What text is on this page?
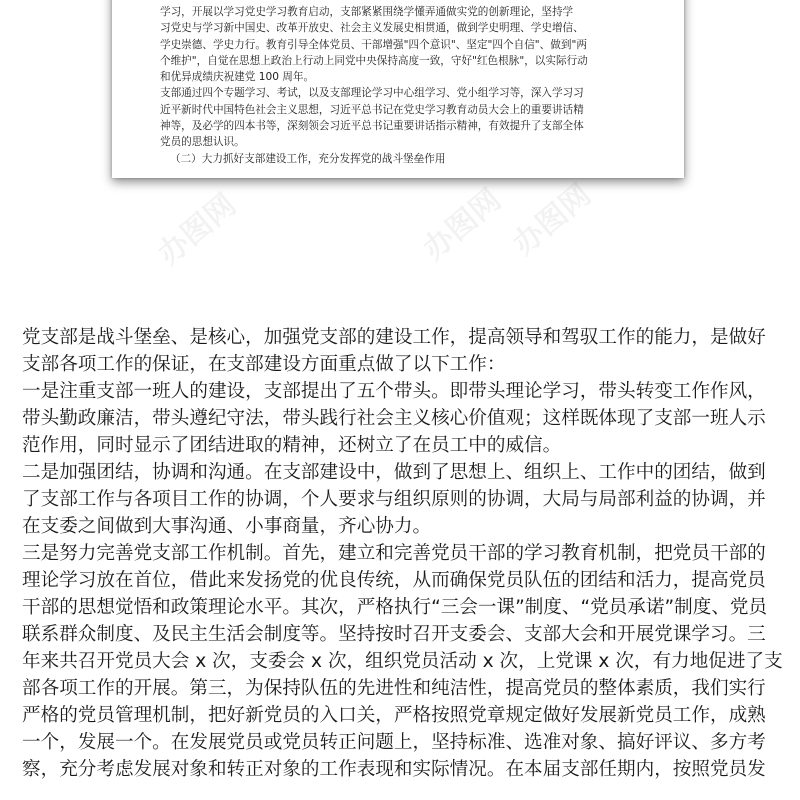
学习，开展以学习党史学习教育启动，支部紧紧围绕学懂弄通做实党的创新理论，坚持学

习党史与学习新中国史、改革开放史、社会主义发展史相贯通，做到学史明理、学史增信、

学史崇德、学史力行。教育引导全体党员、干部增强"四个意识"、坚定"四个自信"、做到"两

个维护"，自觉在思想上政治上行动上同党中央保持高度一致，守好"红色根脉"，以实际行动

和优异成绩庆祝建党 100 周年。

支部通过四个专题学习、考试，以及支部理论学习中心组学习、党小组学习等，深入学习习

近平新时代中国特色社会主义思想，习近平总书记在党史学习教育动员大会上的重要讲话精

神等，及必学的四本书等，深刻领会习近平总书记重要讲话指示精神，有效提升了支部全体

党员的思想认识。

（二）大力抓好支部建设工作，充分发挥党的战斗堡垒作用

办图网	办图网
办图网

党支部是战斗堡垒、是核心，加强党支部的建设工作，提高领导和驾驭工作的能力，是做好

支部各项工作的保证，在支部建设方面重点做了以下工作：

一是注重支部一班人的建设，支部提出了五个带头。即带头理论学习，带头转变工作作风，

带头勤政廉洁，带头遵纪守法，带头践行社会主义核心价值观；这样既体现了支部一班人示

范作用，同时显示了团结进取的精神，还树立了在员工中的威信。

二是加强团结，协调和沟通。在支部建设中，做到了思想上、组织上、工作中的团结，做到

了支部工作与各项目工作的协调，个人要求与组织原则的协调，大局与局部利益的协调，并

在支委之间做到大事沟通、小事商量，齐心协力。

三是努力完善党支部工作机制。首先，建立和完善党员干部的学习教育机制，把党员干部的

理论学习放在首位，借此来发扬党的优良传统，从而确保党员队伍的团结和活力，提高党员

干部的思想觉悟和政策理论水平。其次，严格执行“三会一课”制度、“党员承诺”制度、党员

联系群众制度、及民主生活会制度等。坚持按时召开支委会、支部大会和开展党课学习。三

年来共召开党员大会 x 次，支委会 x 次，组织党员活动 x 次，上党课 x 次，有力地促进了支

部各项工作的开展。第三，为保持队伍的先进性和纯洁性，提高党员的整体素质，我们实行

严格的党员管理机制，把好新党员的入口关，严格按照党章规定做好发展新党员工作，成熟

一个，发展一个。在发展党员或党员转正问题上，坚持标准、选准对象、搞好评议、多方考

察，充分考虑发展对象和转正对象的工作表现和实际情况。在本届支部任期内，按照党员发
